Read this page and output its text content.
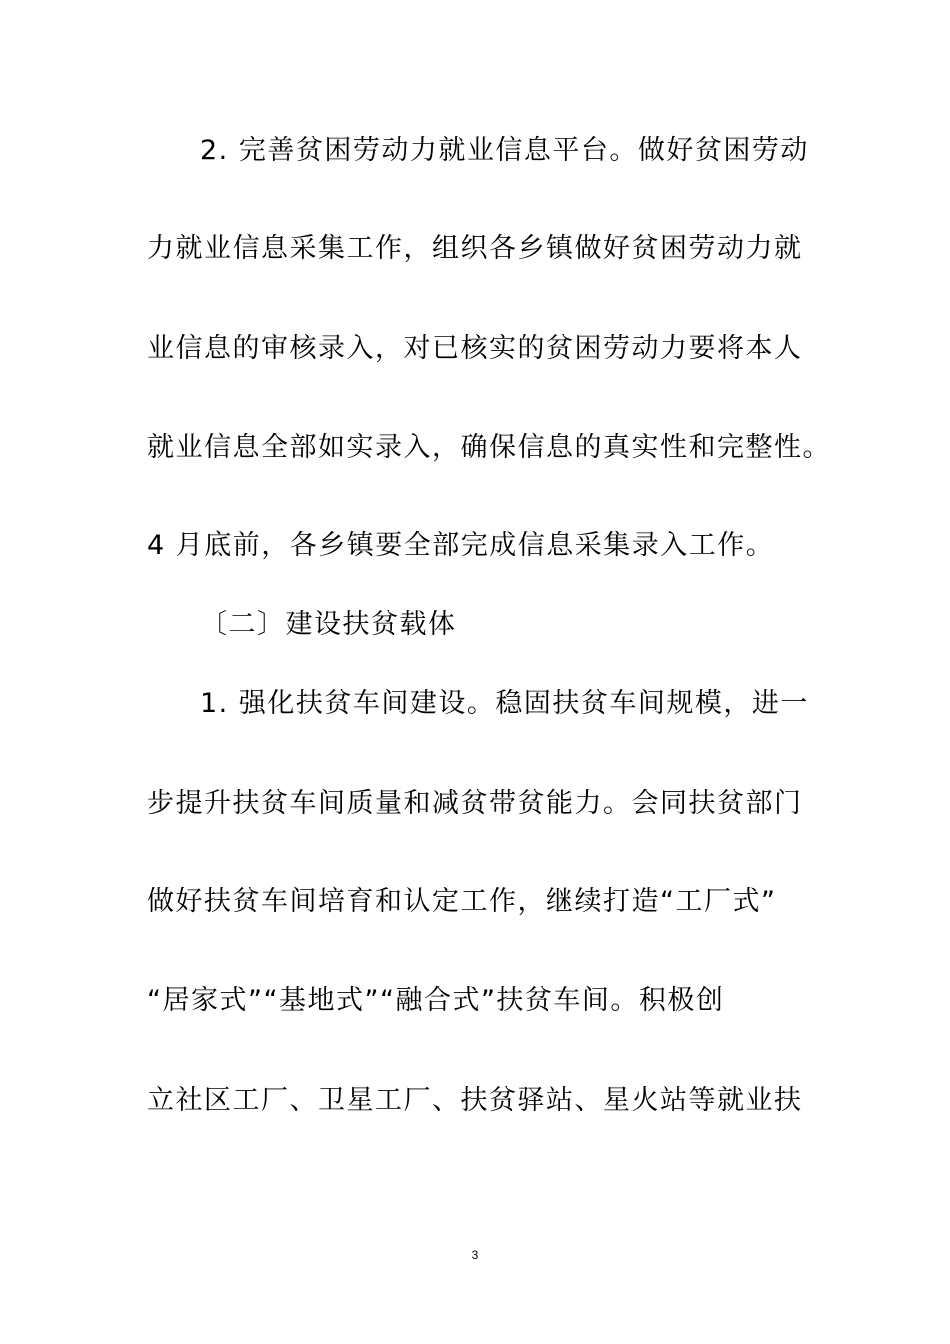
2. 完善贫困劳动力就业信息平台。做好贫困劳动
力就业信息采集工作，组织各乡镇做好贫困劳动力就
业信息的审核录入，对已核实的贫困劳动力要将本人
就业信息全部如实录入，确保信息的真实性和完整性。
4 月底前，各乡镇要全部完成信息采集录入工作。
〔二〕建设扶贫载体
1. 强化扶贫车间建设。稳固扶贫车间规模，进一
步提升扶贫车间质量和减贫带贫能力。会同扶贫部门
做好扶贫车间培育和认定工作，继续打造“工厂式”
“居家式”“基地式”“融合式”扶贫车间。积极创
立社区工厂、卫星工厂、扶贫驿站、星火站等就业扶
3
